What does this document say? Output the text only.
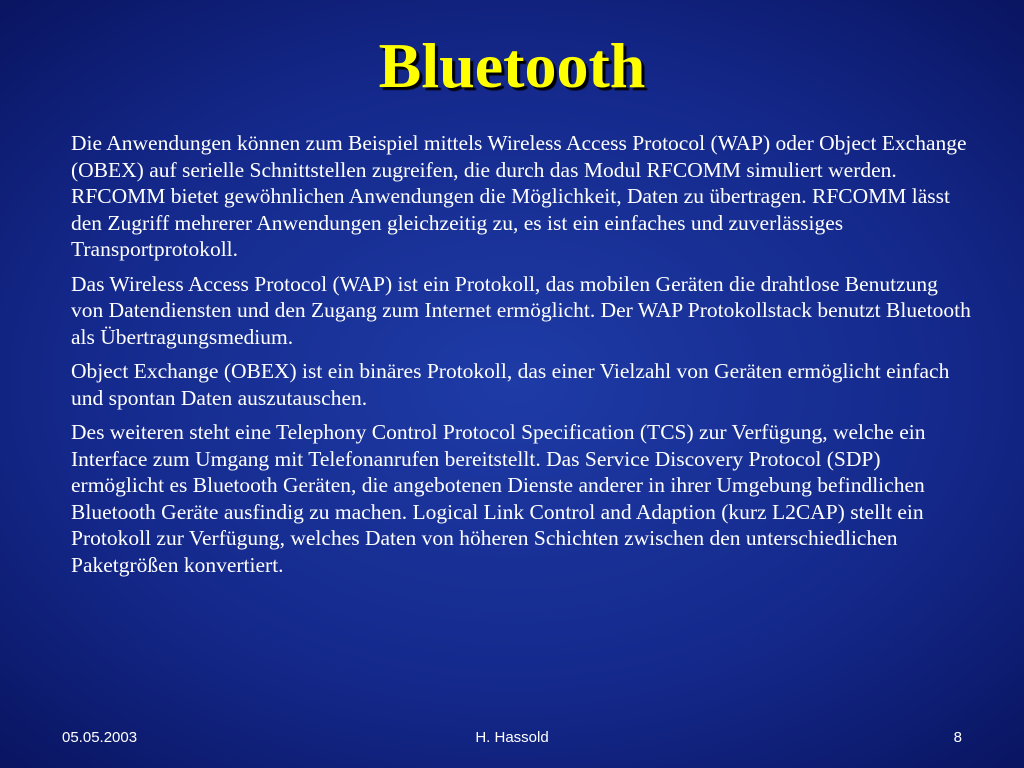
Bluetooth

Die Anwendungen können zum Beispiel mittels Wireless Access Protocol (WAP) oder Object Exchange (OBEX) auf serielle Schnittstellen zugreifen, die durch das Modul RFCOMM simuliert werden. RFCOMM bietet gewöhnlichen Anwendungen die Möglichkeit, Daten zu übertragen. RFCOMM lässt den Zugriff mehrerer Anwendungen gleichzeitig zu, es ist ein einfaches und zuverlässiges Transportprotokoll.

Das Wireless Access Protocol (WAP) ist ein Protokoll, das mobilen Geräten die drahtlose Benutzung von Datendiensten und den Zugang zum Internet ermöglicht. Der WAP Protokollstack benutzt Bluetooth als Übertragungsmedium.

Object Exchange (OBEX) ist ein binäres Protokoll, das einer Vielzahl von Geräten ermöglicht einfach und spontan Daten auszutauschen.

Des weiteren steht eine Telephony Control Protocol Specification (TCS) zur Verfügung, welche ein Interface zum Umgang mit Telefonanrufen bereitstellt. Das Service Discovery Protocol (SDP) ermöglicht es Bluetooth Geräten, die angebotenen Dienste anderer in ihrer Umgebung befindlichen Bluetooth Geräte ausfindig zu machen. Logical Link Control and Adaption (kurz L2CAP) stellt ein Protokoll zur Verfügung, welches Daten von höheren Schichten zwischen den unterschiedlichen Paketgrößen konvertiert.

05.05.2003	H. Hassold	8
